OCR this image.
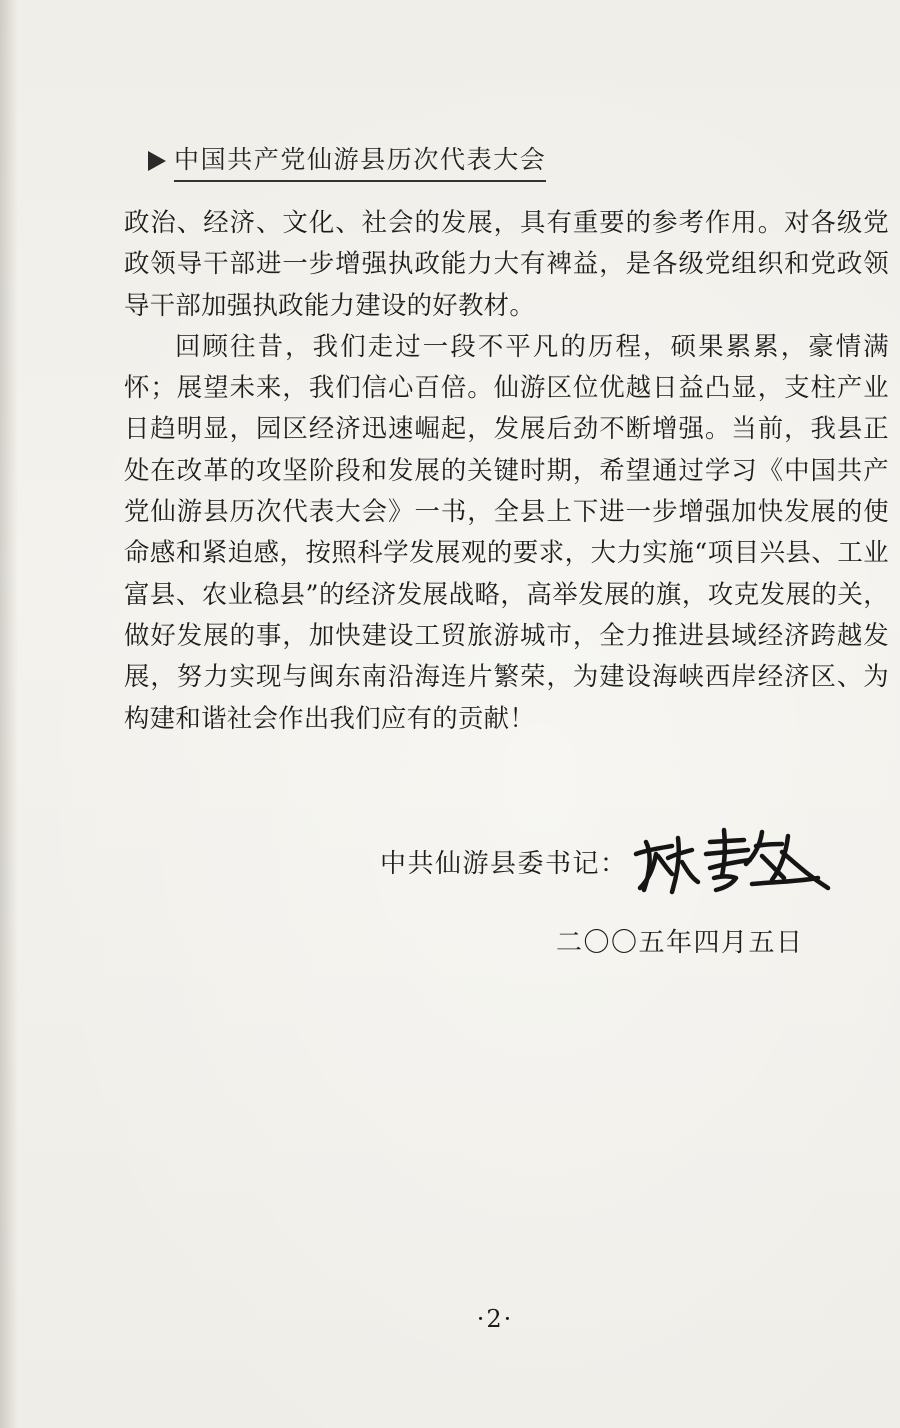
中国共产党仙游县历次代表大会

政治、经济、文化、社会的发展，具有重要的参考作用。对各级党政领导干部进一步增强执政能力大有裨益，是各级党组织和党政领导干部加强执政能力建设的好教材。

回顾往昔，我们走过一段不平凡的历程，硕果累累，豪情满怀；展望未来，我们信心百倍。仙游区位优越日益凸显，支柱产业日趋明显，园区经济迅速崛起，发展后劲不断增强。当前，我县正处在改革的攻坚阶段和发展的关键时期，希望通过学习《中国共产党仙游县历次代表大会》一书，全县上下进一步增强加快发展的使命感和紧迫感，按照科学发展观的要求，大力实施“项目兴县、工业富县、农业稳县”的经济发展战略，高举发展的旗，攻克发展的关，做好发展的事，加快建设工贸旅游城市，全力推进县域经济跨越发展，努力实现与闽东南沿海连片繁荣，为建设海峡西岸经济区、为构建和谐社会作出我们应有的贡献！

中共仙游县委书记：
二〇〇五年四月五日
·2·
